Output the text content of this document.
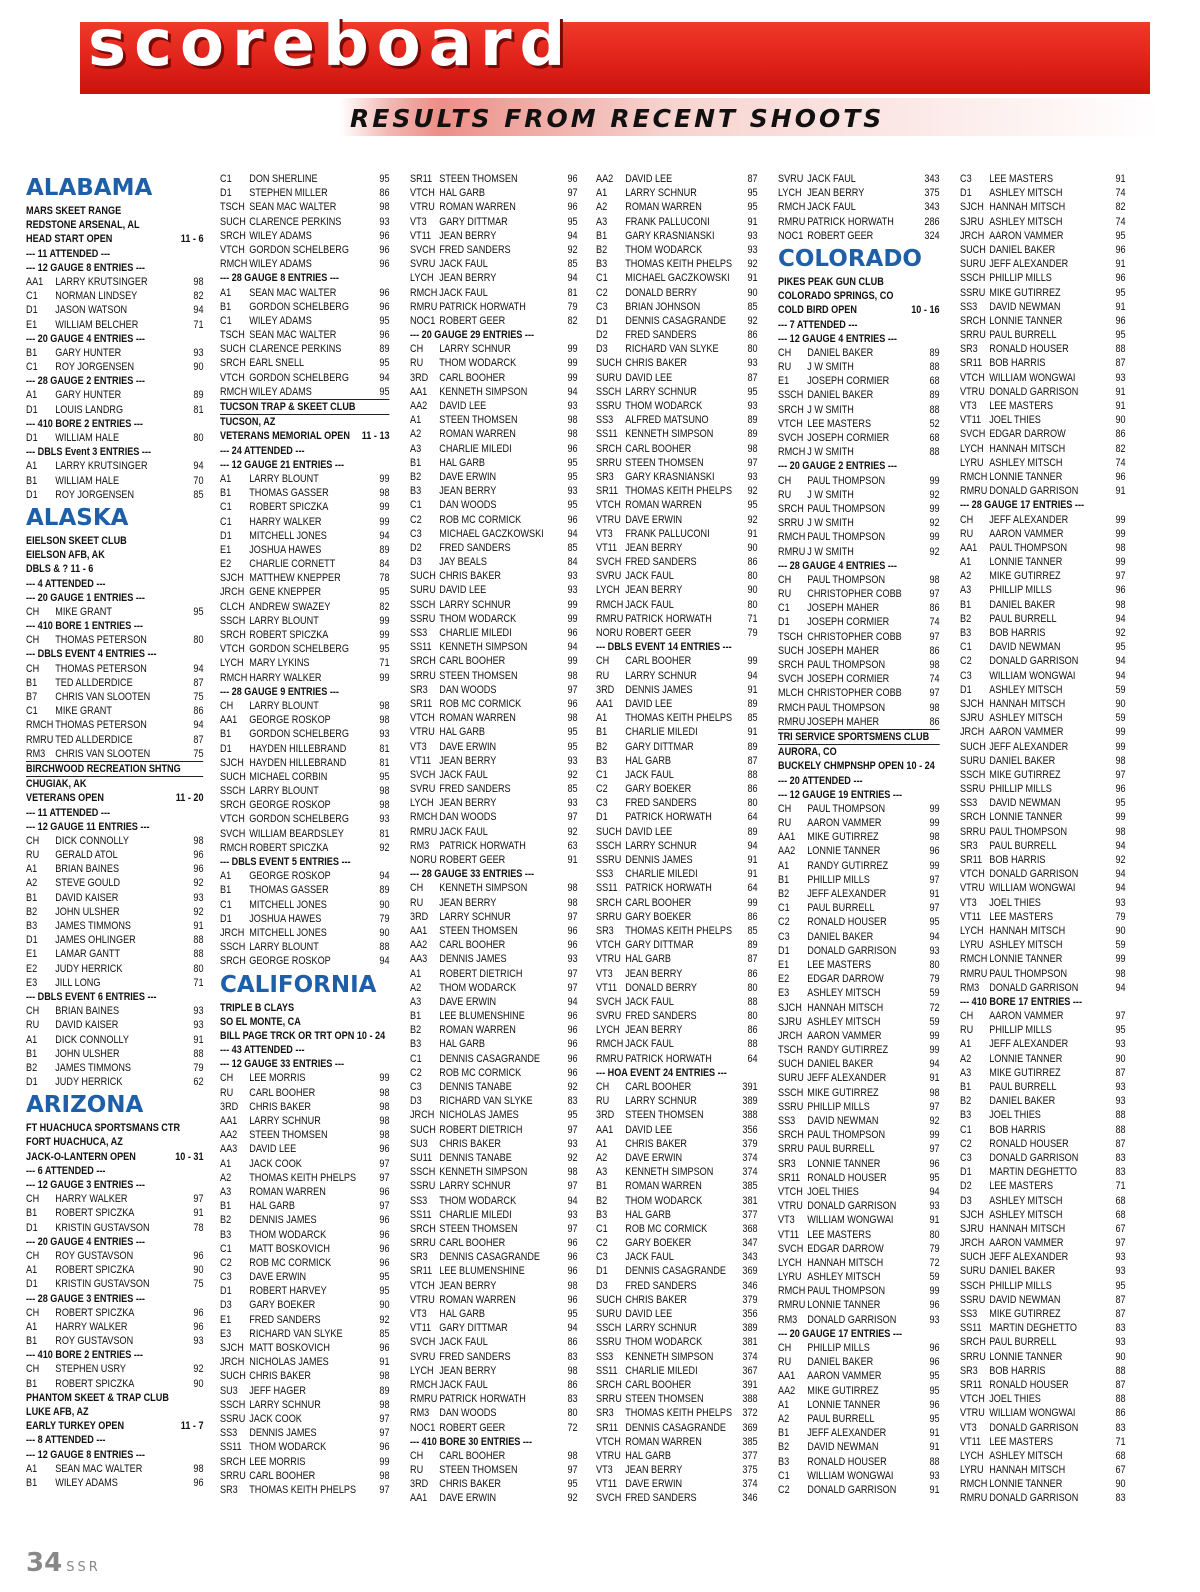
scoreboard
RESULTS FROM RECENT SHOOTS
ALABAMA
MARS SKEET RANGE
REDSTONE ARSENAL, AL
HEAD START OPEN	11 - 6
--- 11 ATTENDED ---
--- 12 GAUGE 8 ENTRIES ---
AA1	LARRY KRUTSINGER	98
C1	NORMAN LINDSEY	82
D1	JASON WATSON	94
E1	WILLIAM BELCHER	71
--- 20 GAUGE 4 ENTRIES ---
B1	GARY HUNTER	93
C1	ROY JORGENSEN	90
--- 28 GAUGE 2 ENTRIES ---
A1	GARY HUNTER	89
D1	LOUIS LANDRG	81
--- 410 BORE 2 ENTRIES ---
D1	WILLIAM HALE	80
--- DBLS Event 3 ENTRIES ---
A1	LARRY KRUTSINGER	94
B1	WILLIAM HALE	70
D1	ROY JORGENSEN	85
ALASKA
EIELSON SKEET CLUB
EIELSON AFB, AK
DBLS & ? 11 - 6
--- 4 ATTENDED ---
--- 20 GAUGE 1 ENTRIES ---
CH	MIKE GRANT	95
--- 410 BORE 1 ENTRIES ---
CH	THOMAS PETERSON	80
--- DBLS EVENT 4 ENTRIES ---
CH	THOMAS PETERSON	94
B1	TED ALLDERDICE	87
B7	CHRIS VAN SLOOTEN	75
C1	MIKE GRANT	86
RMCH THOMAS PETERSON	94
RMRU TED ALLDERDICE	87
RM3 CHRIS VAN SLOOTEN	75
BIRCHWOOD RECREATION SHTNG
CHUGIAK, AK
VETERANS OPEN	11 - 20
--- 11 ATTENDED ---
--- 12 GAUGE 11 ENTRIES ---
CH	DICK CONNOLLY	98
RU	GERALD ATOL	96
A1	BRIAN BAINES	96
A2	STEVE GOULD	92
B1	DAVID KAISER	93
B2	JOHN ULSHER	92
B3	JAMES TIMMONS	91
D1	JAMES OHLINGER	88
E1	LAMAR GANTT	88
E2	JUDY HERRICK	80
E3	JILL LONG	71
--- DBLS EVENT 6 ENTRIES ---
CH	BRIAN BAINES	93
RU	DAVID KAISER	93
A1	DICK CONNOLLY	91
B1	JOHN ULSHER	88
B2	JAMES TIMMONS	79
D1	JUDY HERRICK	62
ARIZONA
FT HUACHUCA SPORTSMANS CTR
FORT HUACHUCA, AZ
JACK-O-LANTERN OPEN	10 - 31
--- 6 ATTENDED ---
--- 12 GAUGE 3 ENTRIES ---
CH	HARRY WALKER	97
B1	ROBERT SPICZKA	91
D1	KRISTIN GUSTAVSON	78
--- 20 GAUGE 4 ENTRIES ---
CH	ROY GUSTAVSON	96
A1	ROBERT SPICZKA	90
D1	KRISTIN GUSTAVSON	75
--- 28 GAUGE 3 ENTRIES ---
CH	ROBERT SPICZKA	96
A1	HARRY WALKER	96
B1	ROY GUSTAVSON	93
--- 410 BORE 2 ENTRIES ---
CH	STEPHEN USRY	92
B1	ROBERT SPICZKA	90
PHANTOM SKEET & TRAP CLUB
LUKE AFB, AZ
EARLY TURKEY OPEN	11 - 7
--- 8 ATTENDED ---
--- 12 GAUGE 8 ENTRIES ---
A1	SEAN MAC WALTER	98
B1	WILEY ADAMS	96
C1	DON SHERLINE	95
D1	STEPHEN MILLER	86
TSCH SEAN MAC WALTER	98
SUCH CLARENCE PERKINS	93
SRCH WILEY ADAMS	96
VTCH GORDON SCHELBERG	96
RMCH WILEY ADAMS	96
--- 28 GAUGE 8 ENTRIES ---
A1	SEAN MAC WALTER	96
B1	GORDON SCHELBERG	96
C1	WILEY ADAMS	95
TSCH SEAN MAC WALTER	96
SUCH CLARENCE PERKINS	89
SRCH EARL SNELL	95
VTCH GORDON SCHELBERG	94
RMCH WILEY ADAMS	95
TUCSON TRAP & SKEET CLUB
TUCSON, AZ
VETERANS MEMORIAL OPEN	11 - 13
--- 24 ATTENDED ---
--- 12 GAUGE 21 ENTRIES ---
A1	LARRY BLOUNT	99
B1	THOMAS GASSER	98
C1	ROBERT SPICZKA	99
C1	HARRY WALKER	99
D1	MITCHELL JONES	94
E1	JOSHUA HAWES	89
E2	CHARLIE CORNETT	84
SJCH MATTHEW KNEPPER	78
JRCH GENE KNEPPER	95
CLCH ANDREW SWAZEY	82
SSCH LARRY BLOUNT	99
SRCH ROBERT SPICZKA	99
VTCH GORDON SCHELBERG	95
LYCH MARY LYKINS	71
RMCH HARRY WALKER	99
--- 28 GAUGE 9 ENTRIES ---
CH	LARRY BLOUNT	98
AA1	GEORGE ROSKOP	98
B1	GORDON SCHELBERG	93
D1	HAYDEN HILLEBRAND	81
SJCH HAYDEN HILLEBRAND	81
SUCH MICHAEL CORBIN	95
SSCH LARRY BLOUNT	98
SRCH GEORGE ROSKOP	98
VTCH GORDON SCHELBERG	93
SVCH WILLIAM BEARDSLEY	81
RMCH ROBERT SPICZKA	92
--- DBLS EVENT 5 ENTRIES ---
A1	GEORGE ROSKOP	94
B1	THOMAS GASSER	89
C1	MITCHELL JONES	90
D1	JOSHUA HAWES	79
JRCH MITCHELL JONES	90
SSCH LARRY BLOUNT	88
SRCH GEORGE ROSKOP	94
CALIFORNIA
TRIPLE B CLAYS
SO EL MONTE, CA
BILL PAGE TRCK OR TRT OPN 10 - 24
--- 43 ATTENDED ---
--- 12 GAUGE 33 ENTRIES ---
CH	LEE MORRIS	99
RU	CARL BOOHER	98
3RD	CHRIS BAKER	98
AA1	LARRY SCHNUR	98
AA2	STEEN THOMSEN	98
AA3	DAVID LEE	96
A1	JACK COOK	97
A2	THOMAS KEITH PHELPS	97
A3	ROMAN WARREN	96
B1	HAL GARB	97
B2	DENNIS JAMES	96
B3	THOM WODARCK	96
C1	MATT BOSKOVICH	96
C2	ROB MC CORMICK	96
C3	DAVE ERWIN	95
D1	ROBERT HARVEY	95
D3	GARY BOEKER	90
E1	FRED SANDERS	92
E3	RICHARD VAN SLYKE	85
SJCH MATT BOSKOVICH	96
JRCH NICHOLAS JAMES	91
SUCH CHRIS BAKER	98
SU3	JEFF HAGER	89
SSCH LARRY SCHNUR	98
SSRU JACK COOK	97
SS3	DENNIS JAMES	97
SS11 THOM WODARCK	96
SRCH LEE MORRIS	99
SRRU CARL BOOHER	98
SR3	THOMAS KEITH PHELPS	97
SR11 STEEN THOMSEN	96
VTCH HAL GARB	97
VTRU ROMAN WARREN	96
VT3	GARY DITTMAR	95
VT11 JEAN BERRY	94
SVCH FRED SANDERS	92
SVRU JACK FAUL	85
LYCH JEAN BERRY	94
RMCH JACK FAUL	81
RMRU PATRICK HORWATH	79
NOC1 ROBERT GEER	82
--- 20 GAUGE 29 ENTRIES ---
CH	LARRY SCHNUR	99
RU	THOM WODARCK	99
3RD	CARL BOOHER	99
AA1	KENNETH SIMPSON	94
AA2	DAVID LEE	93
A1	STEEN THOMSEN	98
A2	ROMAN WARREN	98
A3	CHARLIE MILEDI	96
B1	HAL GARB	95
B2	DAVE ERWIN	95
B3	JEAN BERRY	93
C1	DAN WOODS	95
C2	ROB MC CORMICK	96
C3	MICHAEL GACZKOWSKI	94
D2	FRED SANDERS	85
D3	JAY BEALS	84
SUCH CHRIS BAKER	93
SURU DAVID LEE	93
SSCH LARRY SCHNUR	99
SSRU THOM WODARCK	99
SS3	CHARLIE MILEDI	96
SS11 KENNETH SIMPSON	94
SRCH CARL BOOHER	99
SRRU STEEN THOMSEN	98
SR3	DAN WOODS	97
SR11 ROB MC CORMICK	96
VTCH ROMAN WARREN	98
VTRU HAL GARB	95
VT3	DAVE ERWIN	95
VT11 JEAN BERRY	93
SVCH JACK FAUL	92
SVRU FRED SANDERS	85
LYCH JEAN BERRY	93
RMCH DAN WOODS	97
RMRU JACK FAUL	92
RM3 PATRICK HORWATH	63
NORU ROBERT GEER	91
--- 28 GAUGE 33 ENTRIES ---
CH	KENNETH SIMPSON	98
RU	JEAN BERRY	98
3RD	LARRY SCHNUR	97
AA1	STEEN THOMSEN	96
AA2	CARL BOOHER	96
AA3	DENNIS JAMES	93
A1	ROBERT DIETRICH	97
A2	THOM WODARCK	97
A3	DAVE ERWIN	94
B1	LEE BLUMENSHINE	96
B2	ROMAN WARREN	96
B3	HAL GARB	96
C1	DENNIS CASAGRANDE	96
C2	ROB MC CORMICK	96
C3	DENNIS TANABE	92
D3	RICHARD VAN SLYKE	83
JRCH NICHOLAS JAMES	95
SUCH ROBERT DIETRICH	97
SU3	CHRIS BAKER	93
SU11 DENNIS TANABE	92
SSCH KENNETH SIMPSON	98
SSRU LARRY SCHNUR	97
SS3	THOM WODARCK	94
SS11 CHARLIE MILEDI	93
SRCH STEEN THOMSEN	97
SRRU CARL BOOHER	96
SR3	DENNIS CASAGRANDE	96
SR11 LEE BLUMENSHINE	96
VTCH JEAN BERRY	98
VTRU ROMAN WARREN	96
VT3	HAL GARB	95
VT11 GARY DITTMAR	94
SVCH JACK FAUL	86
SVRU FRED SANDERS	83
LYCH JEAN BERRY	98
RMCH JACK FAUL	86
RMRU PATRICK HORWATH	83
RM3 DAN WOODS	80
NOC1 ROBERT GEER	72
--- 410 BORE 30 ENTRIES ---
CH	CARL BOOHER	98
RU	STEEN THOMSEN	97
3RD	CHRIS BAKER	95
AA1	DAVE ERWIN	92
AA2	DAVID LEE	87
A1	LARRY SCHNUR	95
A2	ROMAN WARREN	95
A3	FRANK PALLUCONI	91
B1	GARY KRASNIANSKI	93
B2	THOM WODARCK	93
B3	THOMAS KEITH PHELPS	92
C1	MICHAEL GACZKOWSKI	91
C2	DONALD BERRY	90
C3	BRIAN JOHNSON	85
D1	DENNIS CASAGRANDE	92
D2	FRED SANDERS	86
D3	RICHARD VAN SLYKE	80
SUCH CHRIS BAKER	93
SURU DAVID LEE	87
SSCH LARRY SCHNUR	95
SSRU THOM WODARCK	93
SS3	ALFRED MATSUNO	89
SS11 KENNETH SIMPSON	89
SRCH CARL BOOHER	98
SRRU STEEN THOMSEN	97
SR3	GARY KRASNIANSKI	93
SR11 THOMAS KEITH PHELPS	92
VTCH ROMAN WARREN	95
VTRU DAVE ERWIN	92
VT3	FRANK PALLUCONI	91
VT11 JEAN BERRY	90
SVCH FRED SANDERS	86
SVRU JACK FAUL	80
LYCH JEAN BERRY	90
RMCH JACK FAUL	80
RMRU PATRICK HORWATH	71
NORU ROBERT GEER	79
--- DBLS EVENT 14 ENTRIES ---
CH	CARL BOOHER	99
RU	LARRY SCHNUR	94
3RD	DENNIS JAMES	91
AA1	DAVID LEE	89
A1	THOMAS KEITH PHELPS	85
B1	CHARLIE MILEDI	91
B2	GARY DITTMAR	89
B3	HAL GARB	87
C1	JACK FAUL	88
C2	GARY BOEKER	86
C3	FRED SANDERS	80
D1	PATRICK HORWATH	64
SUCH DAVID LEE	89
SSCH LARRY SCHNUR	94
SSRU DENNIS JAMES	91
SS3	CHARLIE MILEDI	91
SS11 PATRICK HORWATH	64
SRCH CARL BOOHER	99
SRRU GARY BOEKER	86
SR3	THOMAS KEITH PHELPS	85
VTCH GARY DITTMAR	89
VTRU HAL GARB	87
VT3	JEAN BERRY	86
VT11 DONALD BERRY	80
SVCH JACK FAUL	88
SVRU FRED SANDERS	80
LYCH JEAN BERRY	86
RMCH JACK FAUL	88
RMRU PATRICK HORWATH	64
--- HOA EVENT 24 ENTRIES ---
CH	CARL BOOHER	391
RU	LARRY SCHNUR	389
3RD	STEEN THOMSEN	388
AA1	DAVID LEE	356
A1	CHRIS BAKER	379
A2	DAVE ERWIN	374
A3	KENNETH SIMPSON	374
B1	ROMAN WARREN	385
B2	THOM WODARCK	381
B3	HAL GARB	377
C1	ROB MC CORMICK	368
C2	GARY BOEKER	347
C3	JACK FAUL	343
D1	DENNIS CASAGRANDE	369
D3	FRED SANDERS	346
SUCH CHRIS BAKER	379
SURU DAVID LEE	356
SSCH LARRY SCHNUR	389
SSRU THOM WODARCK	381
SS3	KENNETH SIMPSON	374
SS11 CHARLIE MILEDI	367
SRCH CARL BOOHER	391
SRRU STEEN THOMSEN	388
SR3	THOMAS KEITH PHELPS 372
SR11 DENNIS CASAGRANDE	369
VTCH ROMAN WARREN	385
VTRU HAL GARB	377
VT3	JEAN BERRY	375
VT11 DAVE ERWIN	374
SVCH FRED SANDERS	346
SVRU JACK FAUL	343
LYCH JEAN BERRY	375
RMCH JACK FAUL	343
RMRU PATRICK HORWATH	286
NOC1 ROBERT GEER	324
COLORADO
PIKES PEAK GUN CLUB
COLORADO SPRINGS, CO
COLD BIRD OPEN	10 - 16
--- 7 ATTENDED ---
--- 12 GAUGE 4 ENTRIES ---
CH	DANIEL BAKER	89
RU	J W SMITH	88
E1	JOSEPH CORMIER	68
SSCH DANIEL BAKER	89
SRCH J W SMITH	88
VTCH LEE MASTERS	52
SVCH JOSEPH CORMIER	68
RMCH J W SMITH	88
--- 20 GAUGE 2 ENTRIES ---
CH	PAUL THOMPSON	99
RU	J W SMITH	92
SRCH PAUL THOMPSON	99
SRRU J W SMITH	92
RMCH PAUL THOMPSON	99
RMRU J W SMITH	92
--- 28 GAUGE 4 ENTRIES ---
CH	PAUL THOMPSON	98
RU	CHRISTOPHER COBB	97
C1	JOSEPH MAHER	86
D1	JOSEPH CORMIER	74
TSCH CHRISTOPHER COBB	97
SUCH JOSEPH MAHER	86
SRCH PAUL THOMPSON	98
SVCH JOSEPH CORMIER	74
MLCH CHRISTOPHER COBB	97
RMCH PAUL THOMPSON	98
RMRU JOSEPH MAHER	86
TRI SERVICE SPORTSMENS CLUB
AURORA, CO
BUCKELY CHMPNSHP OPEN 10 - 24
--- 20 ATTENDED ---
--- 12 GAUGE 19 ENTRIES ---
CH	PAUL THOMPSON	99
RU	AARON VAMMER	99
AA1	MIKE GUTIRREZ	98
AA2	LONNIE TANNER	96
A1	RANDY GUTIRREZ	99
B1	PHILLIP MILLS	97
B2	JEFF ALEXANDER	91
C1	PAUL BURRELL	97
C2	RONALD HOUSER	95
C3	DANIEL BAKER	94
D1	DONALD GARRISON	93
E1	LEE MASTERS	80
E2	EDGAR DARROW	79
E3	ASHLEY MITSCH	59
SJCH HANNAH MITSCH	72
SJRU ASHLEY MITSCH	59
JRCH AARON VAMMER	99
TSCH RANDY GUTIRREZ	99
SUCH DANIEL BAKER	94
SURU JEFF ALEXANDER	91
SSCH MIKE GUTIRREZ	98
SSRU PHILLIP MILLS	97
SS3	DAVID NEWMAN	92
SRCH PAUL THOMPSON	99
SRRU PAUL BURRELL	97
SR3	LONNIE TANNER	96
SR11 RONALD HOUSER	95
VTCH JOEL THIES	94
VTRU DONALD GARRISON	93
VT3	WILLIAM WONGWAI	91
VT11 LEE MASTERS	80
SVCH EDGAR DARROW	79
LYCH HANNAH MITSCH	72
LYRU ASHLEY MITSCH	59
RMCH PAUL THOMPSON	99
RMRU LONNIE TANNER	96
RM3 DONALD GARRISON	93
--- 20 GAUGE 17 ENTRIES ---
CH	PHILLIP MILLS	96
RU	DANIEL BAKER	96
AA1	AARON VAMMER	95
AA2	MIKE GUTIRREZ	95
A1	LONNIE TANNER	96
A2	PAUL BURRELL	95
B1	JEFF ALEXANDER	91
B2	DAVID NEWMAN	91
B3	RONALD HOUSER	88
C1	WILLIAM WONGWAI	93
C2	DONALD GARRISON	91
C3	LEE MASTERS	91
D1	ASHLEY MITSCH	74
SJCH HANNAH MITSCH	82
SJRU ASHLEY MITSCH	74
JRCH AARON VAMMER	95
SUCH DANIEL BAKER	96
SURU JEFF ALEXANDER	91
SSCH PHILLIP MILLS	96
SSRU MIKE GUTIRREZ	95
SS3	DAVID NEWMAN	91
SRCH LONNIE TANNER	96
SRRU PAUL BURRELL	95
SR3	RONALD HOUSER	88
SR11 BOB HARRIS	87
VTCH WILLIAM WONGWAI	93
VTRU DONALD GARRISON	91
VT3	LEE MASTERS	91
VT11 JOEL THIES	90
SVCH EDGAR DARROW	86
LYCH HANNAH MITSCH	82
LYRU ASHLEY MITSCH	74
RMCH LONNIE TANNER	96
RMRU DONALD GARRISON	91
--- 28 GAUGE 17 ENTRIES ---
CH	JEFF ALEXANDER	99
RU	AARON VAMMER	99
AA1	PAUL THOMPSON	98
A1	LONNIE TANNER	99
A2	MIKE GUTIRREZ	97
A3	PHILLIP MILLS	96
B1	DANIEL BAKER	98
B2	PAUL BURRELL	94
B3	BOB HARRIS	92
C1	DAVID NEWMAN	95
C2	DONALD GARRISON	94
C3	WILLIAM WONGWAI	94
D1	ASHLEY MITSCH	59
SJCH HANNAH MITSCH	90
SJRU ASHLEY MITSCH	59
JRCH AARON VAMMER	99
SUCH JEFF ALEXANDER	99
SURU DANIEL BAKER	98
SSCH MIKE GUTIRREZ	97
SSRU PHILLIP MILLS	96
SS3	DAVID NEWMAN	95
SRCH LONNIE TANNER	99
SRRU PAUL THOMPSON	98
SR3	PAUL BURRELL	94
SR11 BOB HARRIS	92
VTCH DONALD GARRISON	94
VTRU WILLIAM WONGWAI	94
VT3	JOEL THIES	93
VT11 LEE MASTERS	79
LYCH HANNAH MITSCH	90
LYRU ASHLEY MITSCH	59
RMCH LONNIE TANNER	99
RMRU PAUL THOMPSON	98
RM3 DONALD GARRISON	94
--- 410 BORE 17 ENTRIES ---
CH	AARON VAMMER	97
RU	PHILLIP MILLS	95
A1	JEFF ALEXANDER	93
A2	LONNIE TANNER	90
A3	MIKE GUTIRREZ	87
B1	PAUL BURRELL	93
B2	DANIEL BAKER	93
B3	JOEL THIES	88
C1	BOB HARRIS	88
C2	RONALD HOUSER	87
C3	DONALD GARRISON	83
D1	MARTIN DEGHETTO	83
D2	LEE MASTERS	71
D3	ASHLEY MITSCH	68
SJCH ASHLEY MITSCH	68
SJRU HANNAH MITSCH	67
JRCH AARON VAMMER	97
SUCH JEFF ALEXANDER	93
SURU DANIEL BAKER	93
SSCH PHILLIP MILLS	95
SSRU DAVID NEWMAN	87
SS3	MIKE GUTIRREZ	87
SS11 MARTIN DEGHETTO	83
SRCH PAUL BURRELL	93
SRRU LONNIE TANNER	90
SR3	BOB HARRIS	88
SR11 RONALD HOUSER	87
VTCH JOEL THIES	88
VTRU WILLIAM WONGWAI	86
VT3	DONALD GARRISON	83
VT11 LEE MASTERS	71
LYCH ASHLEY MITSCH	68
LYRU HANNAH MITSCH	67
RMCH LONNIE TANNER	90
RMRU DONALD GARRISON	83
34 SSR
